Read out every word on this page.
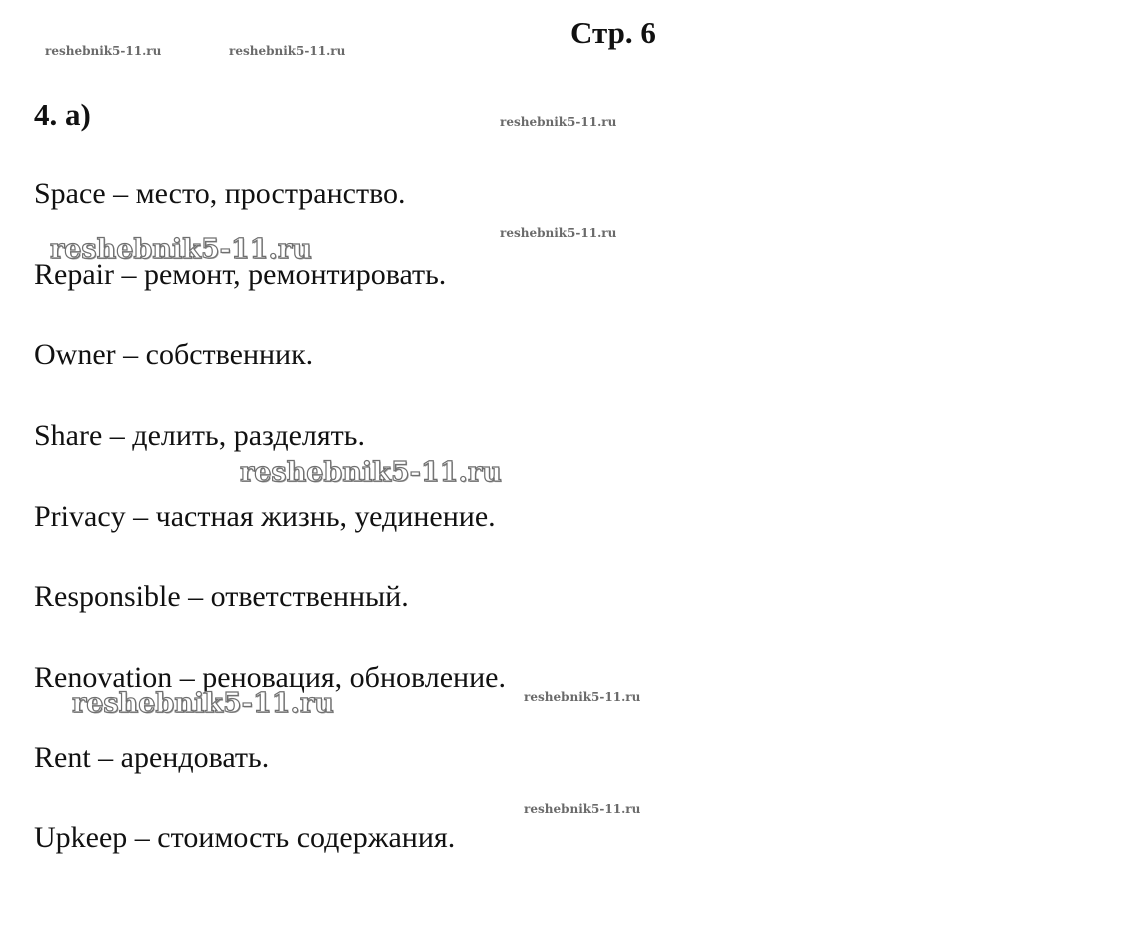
Стр. 6
reshebnik5-11.ru	reshebnik5-11.ru
reshebnik5-11.ru
reshebnik5-11.ru
reshebnik5-11.ru
reshebnik5-11.ru
4. a)
Space – место, пространство.
Repair – ремонт, ремонтировать.
Owner – собственник.
Share – делить, разделять.
Privacy – частная жизнь, уединение.
Responsible – ответственный.
Renovation – реновация, обновление.
Rent – арендовать.
Upkeep – стоимость содержания.
reshebnik5-11.ru
reshebnik5-11.ru
reshebnik5-11.ru
